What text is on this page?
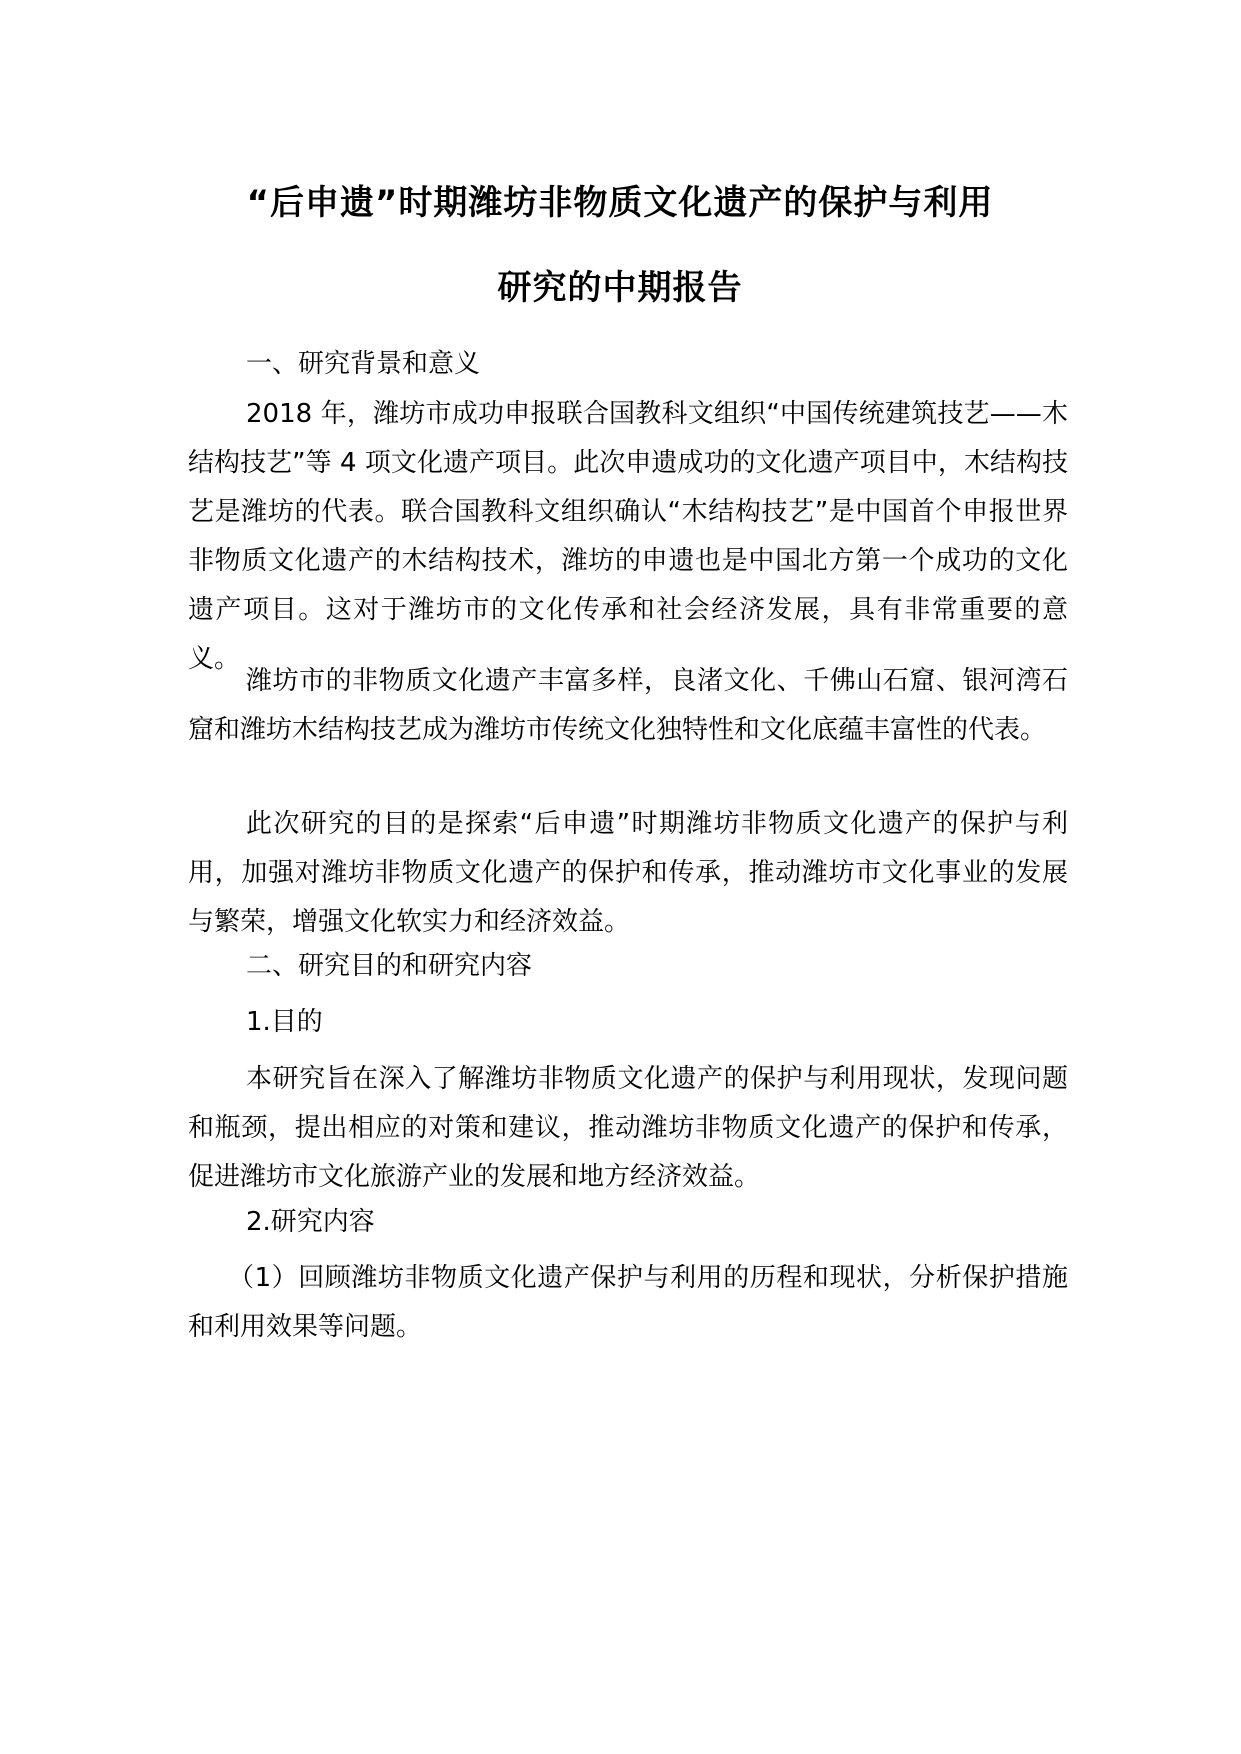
“后申遗”时期潍坊非物质文化遗产的保护与利用
研究的中期报告

一、研究背景和意义

2018 年，潍坊市成功申报联合国教科文组织“中国传统建筑技艺——木结构技艺”等 4 项文化遗产项目。此次申遗成功的文化遗产项目中，木结构技艺是潍坊的代表。联合国教科文组织确认“木结构技艺”是中国首个申报世界非物质文化遗产的木结构技术，潍坊的申遗也是中国北方第一个成功的文化遗产项目。这对于潍坊市的文化传承和社会经济发展，具有非常重要的意义。

潍坊市的非物质文化遗产丰富多样，良渚文化、千佛山石窟、银河湾石窟和潍坊木结构技艺成为潍坊市传统文化独特性和文化底蕴丰富性的代表。

此次研究的目的是探索“后申遗”时期潍坊非物质文化遗产的保护与利用，加强对潍坊非物质文化遗产的保护和传承，推动潍坊市文化事业的发展与繁荣，增强文化软实力和经济效益。

二、研究目的和研究内容

1.目的

本研究旨在深入了解潍坊非物质文化遗产的保护与利用现状，发现问题和瓶颈，提出相应的对策和建议，推动潍坊非物质文化遗产的保护和传承，促进潍坊市文化旅游产业的发展和地方经济效益。

2.研究内容

（1）回顾潍坊非物质文化遗产保护与利用的历程和现状，分析保护措施和利用效果等问题。
